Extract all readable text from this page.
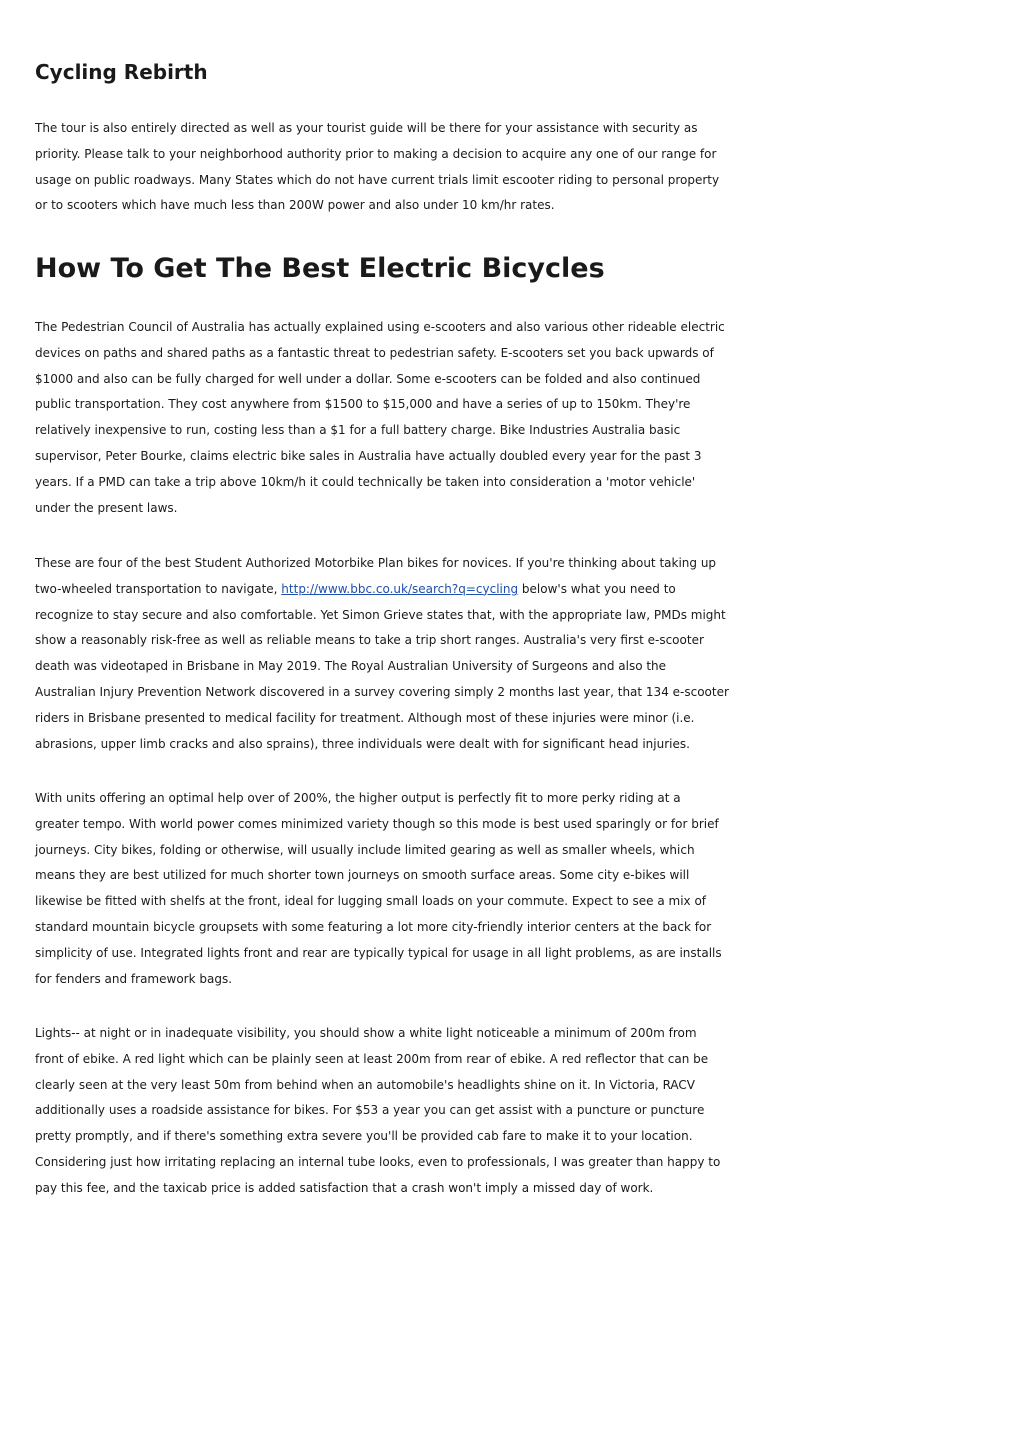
Cycling Rebirth
The tour is also entirely directed as well as your tourist guide will be there for your assistance with security as
priority. Please talk to your neighborhood authority prior to making a decision to acquire any one of our range for
usage on public roadways. Many States which do not have current trials limit escooter riding to personal property
or to scooters which have much less than 200W power and also under 10 km/hr rates.
How To Get The Best Electric Bicycles
The Pedestrian Council of Australia has actually explained using e-scooters and also various other rideable electric
devices on paths and shared paths as a fantastic threat to pedestrian safety. E-scooters set you back upwards of
$1000 and also can be fully charged for well under a dollar. Some e-scooters can be folded and also continued
public transportation. They cost anywhere from $1500 to $15,000 and have a series of up to 150km. They're
relatively inexpensive to run, costing less than a $1 for a full battery charge. Bike Industries Australia basic
supervisor, Peter Bourke, claims electric bike sales in Australia have actually doubled every year for the past 3
years. If a PMD can take a trip above 10km/h it could technically be taken into consideration a 'motor vehicle'
under the present laws.
These are four of the best Student Authorized Motorbike Plan bikes for novices. If you're thinking about taking up
two-wheeled transportation to navigate, http://www.bbc.co.uk/search?q=cycling below's what you need to
recognize to stay secure and also comfortable. Yet Simon Grieve states that, with the appropriate law, PMDs might
show a reasonably risk-free as well as reliable means to take a trip short ranges. Australia's very first e-scooter
death was videotaped in Brisbane in May 2019. The Royal Australian University of Surgeons and also the
Australian Injury Prevention Network discovered in a survey covering simply 2 months last year, that 134 e-scooter
riders in Brisbane presented to medical facility for treatment. Although most of these injuries were minor (i.e.
abrasions, upper limb cracks and also sprains), three individuals were dealt with for significant head injuries.
With units offering an optimal help over of 200%, the higher output is perfectly fit to more perky riding at a
greater tempo. With world power comes minimized variety though so this mode is best used sparingly or for brief
journeys. City bikes, folding or otherwise, will usually include limited gearing as well as smaller wheels, which
means they are best utilized for much shorter town journeys on smooth surface areas. Some city e-bikes will
likewise be fitted with shelfs at the front, ideal for lugging small loads on your commute. Expect to see a mix of
standard mountain bicycle groupsets with some featuring a lot more city-friendly interior centers at the back for
simplicity of use. Integrated lights front and rear are typically typical for usage in all light problems, as are installs
for fenders and framework bags.
Lights-- at night or in inadequate visibility, you should show a white light noticeable a minimum of 200m from
front of ebike. A red light which can be plainly seen at least 200m from rear of ebike. A red reflector that can be
clearly seen at the very least 50m from behind when an automobile's headlights shine on it. In Victoria, RACV
additionally uses a roadside assistance for bikes. For $53 a year you can get assist with a puncture or puncture
pretty promptly, and if there's something extra severe you'll be provided cab fare to make it to your location.
Considering just how irritating replacing an internal tube looks, even to professionals, I was greater than happy to
pay this fee, and the taxicab price is added satisfaction that a crash won't imply a missed day of work.
